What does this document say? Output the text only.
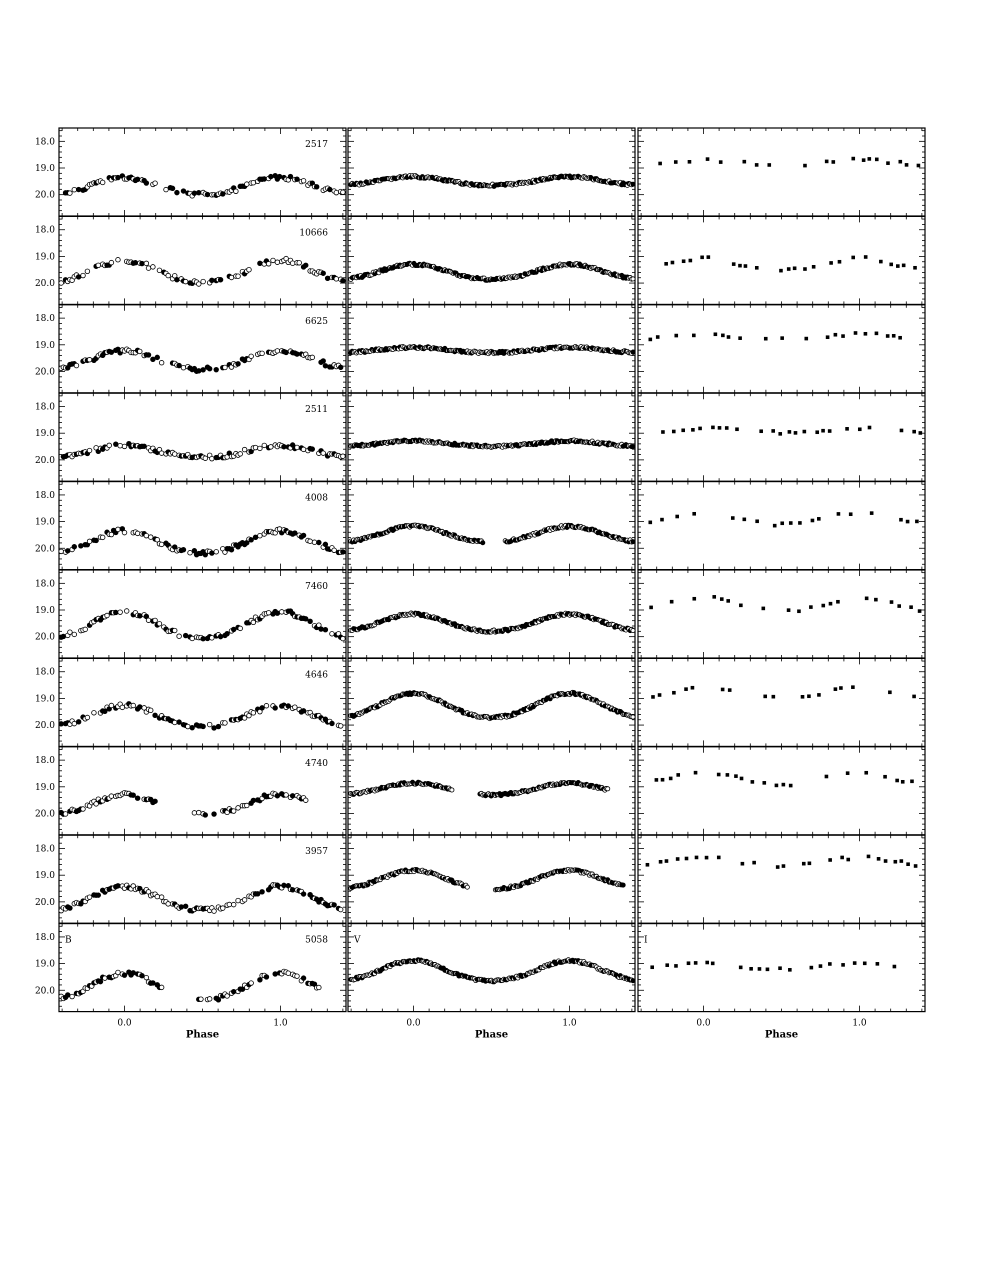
18.0
19.0
20.0
2517
18.0
19.0
20.0
10666
18.0
19.0
20.0
6625
18.0
19.0
20.0
2511
18.0
19.0
20.0
4008
18.0
19.0
20.0
7460
18.0
19.0
20.0
4646
18.0
19.0
20.0
4740
18.0
19.0
20.0
3957
18.0
19.0
20.0
5058
B
0.0	1.0
V
0.0	1.0
I
0.0	1.0
Phase	Phase	Phase
